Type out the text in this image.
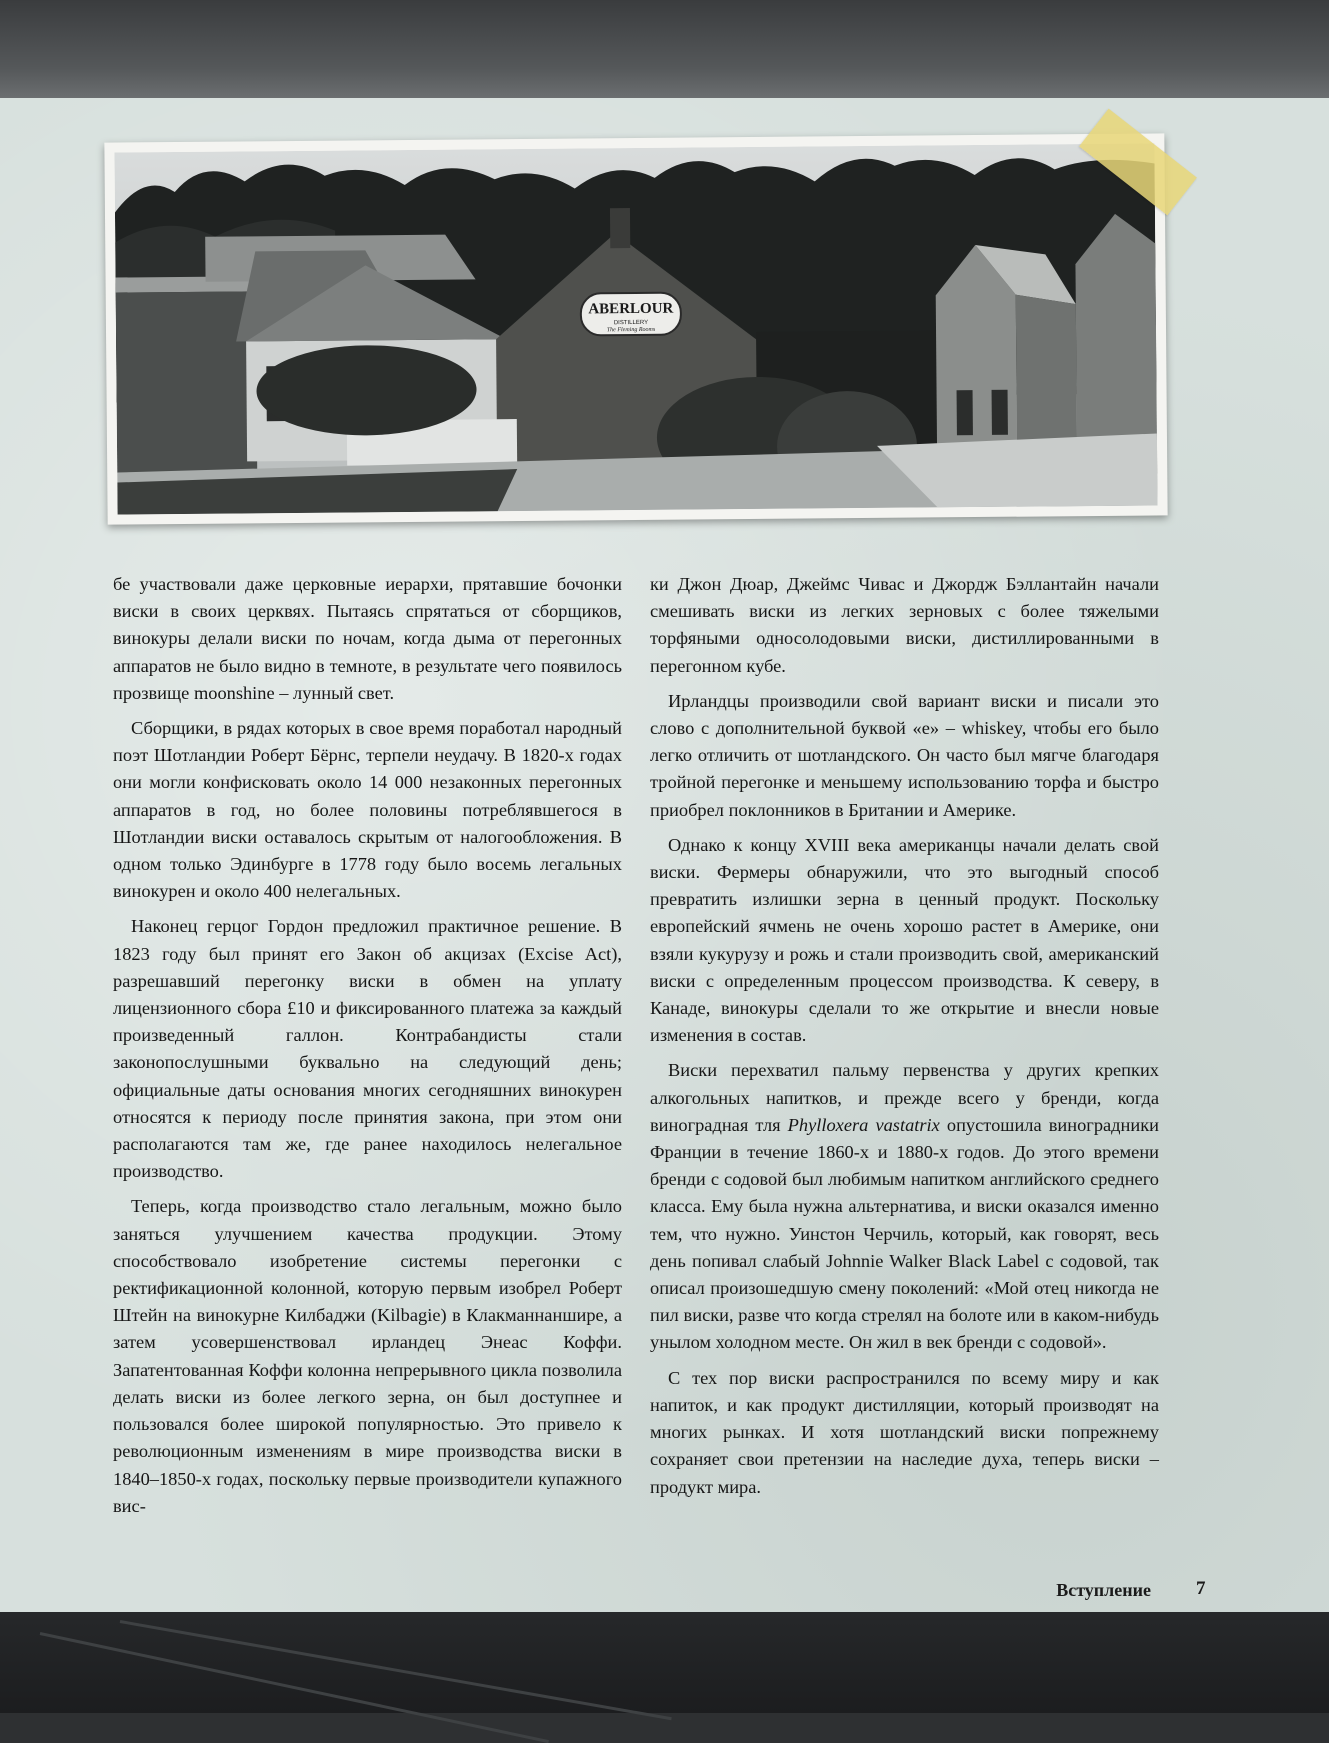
ABERLOUR
DISTILLERY
The Fleming Rooms

бе участвовали даже церковные иерархи, прятавшие бочонки виски в своих церквях. Пытаясь спрятаться от сборщиков, винокуры делали виски по ночам, когда дыма от перегонных аппаратов не было видно в темноте, в результате чего появилось прозвище moonshine – лунный свет.

Сборщики, в рядах которых в свое время поработал народный поэт Шотландии Роберт Бёрнс, терпели неудачу. В 1820-х годах они могли конфисковать около 14 000 незаконных перегонных аппаратов в год, но более половины потреблявшегося в Шотландии виски оставалось скрытым от налогообложения. В одном только Эдинбурге в 1778 году было восемь легальных винокурен и около 400 нелегальных.

Наконец герцог Гордон предложил практичное решение. В 1823 году был принят его Закон об акцизах (Excise Act), разрешавший перегонку виски в обмен на уплату лицензионного сбора £10 и фиксированного платежа за каждый произведенный галлон. Контрабандисты стали законопослушными буквально на следующий день; официальные даты основания многих сегодняшних винокурен относятся к периоду после принятия закона, при этом они располагаются там же, где ранее находилось нелегальное производство.

Теперь, когда производство стало легальным, можно было заняться улучшением качества продукции. Этому способствовало изобретение системы перегонки с ректификационной колонной, которую первым изобрел Роберт Штейн на винокурне Килбаджи (Kilbagie) в Клакманнаншире, а затем усовершенствовал ирландец Энеас Коффи. Запатентованная Коффи колонна непрерывного цикла позволила делать виски из более легкого зерна, он был доступнее и пользовался более широкой популярностью. Это привело к революционным изменениям в мире производства виски в 1840–1850-х годах, поскольку первые производители купажного вис-

ки Джон Дюар, Джеймс Чивас и Джордж Бэллантайн начали смешивать виски из легких зерновых с более тяжелыми торфяными односолодовыми виски, дистиллированными в перегонном кубе.

Ирландцы производили свой вариант виски и писали это слово с дополнительной буквой «е» – whiskey, чтобы его было легко отличить от шотландского. Он часто был мягче благодаря тройной перегонке и меньшему использованию торфа и быстро приобрел поклонников в Британии и Америке.

Однако к концу XVIII века американцы начали делать свой виски. Фермеры обнаружили, что это выгодный способ превратить излишки зерна в ценный продукт. Поскольку европейский ячмень не очень хорошо растет в Америке, они взяли кукурузу и рожь и стали производить свой, американский виски с определенным процессом производства. К северу, в Канаде, винокуры сделали то же открытие и внесли новые изменения в состав.

Виски перехватил пальму первенства у других крепких алкогольных напитков, и прежде всего у бренди, когда виноградная тля Phylloxera vastatrix опустошила виноградники Франции в течение 1860-х и 1880-х годов. До этого времени бренди с содовой был любимым напитком английского среднего класса. Ему была нужна альтернатива, и виски оказался именно тем, что нужно. Уинстон Черчиль, который, как говорят, весь день попивал слабый Johnnie Walker Black Label с содовой, так описал произошедшую смену поколений: «Мой отец никогда не пил виски, разве что когда стрелял на болоте или в каком-нибудь унылом холодном месте. Он жил в век бренди с содовой».

С тех пор виски распространился по всему миру и как напиток, и как продукт дистилляции, который производят на многих рынках. И хотя шотландский виски попрежнему сохраняет свои претензии на наследие духа, теперь виски – продукт мира.

Вступление 7
